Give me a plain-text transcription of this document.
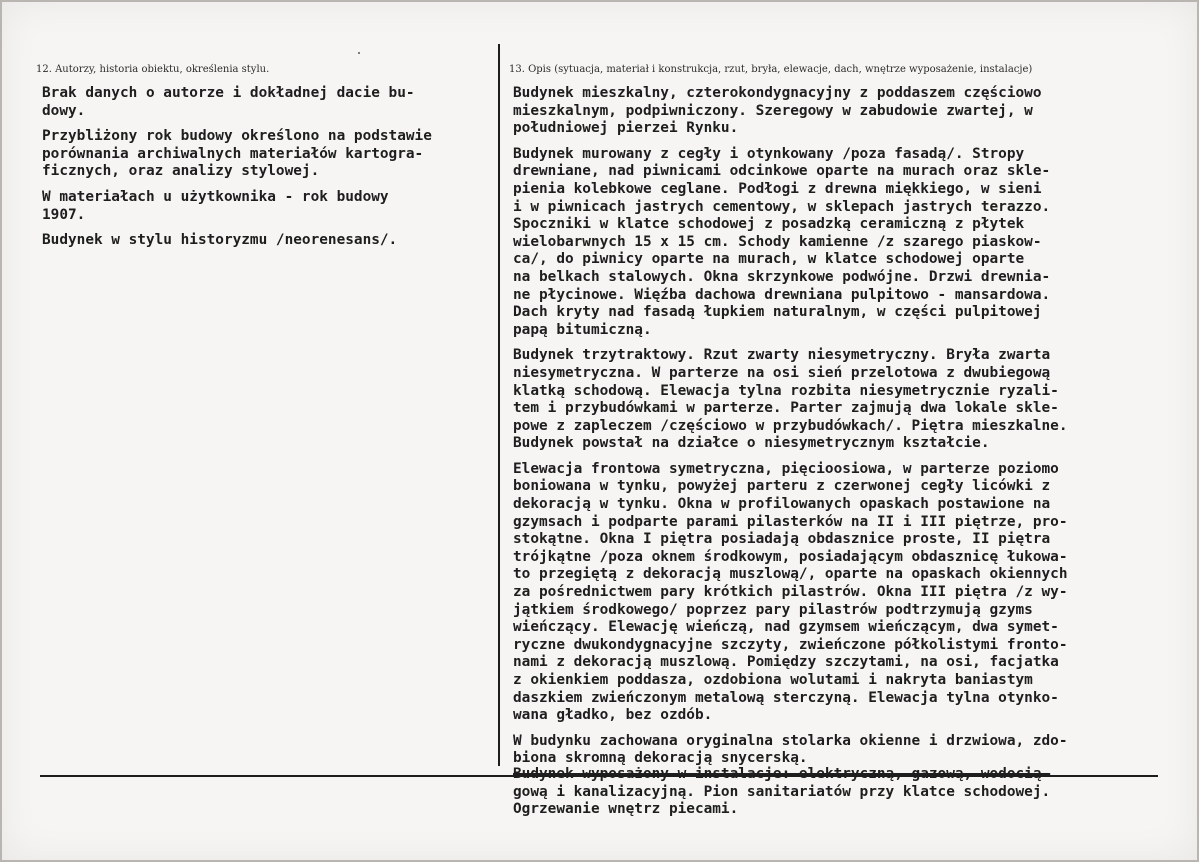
12. Autorzy, historia obiektu, określenia stylu.	13. Opis (sytuacja, materiał i konstrukcja, rzut, bryła, elewacje, dach, wnętrze wyposażenie, instalacje)
Brak danych o autorze i dokładnej dacie bu-
dowy.
Przybliżony rok budowy określono na podstawie
porównania archiwalnych materiałów kartogra-
ficznych, oraz analizy stylowej.
W materiałach u użytkownika - rok budowy
1907.
Budynek w stylu historyzmu /neorenesans/.
Budynek mieszkalny, czterokondygnacyjny z poddaszem częściowo
mieszkalnym, podpiwniczony. Szeregowy w zabudowie zwartej, w
południowej pierzei Rynku.
Budynek murowany z cegły i otynkowany /poza fasadą/. Stropy
drewniane, nad piwnicami odcinkowe oparte na murach oraz skle-
pienia kolebkowe ceglane. Podłogi z drewna miękkiego, w sieni
i w piwnicach jastrych cementowy, w sklepach jastrych terazzo.
Spoczniki w klatce schodowej z posadzką ceramiczną z płytek
wielobarwnych 15 x 15 cm. Schody kamienne /z szarego piaskow-
ca/, do piwnicy oparte na murach, w klatce schodowej oparte
na belkach stalowych. Okna skrzynkowe podwójne. Drzwi drewnia-
ne płycinowe. Więźba dachowa drewniana pulpitowo - mansardowa.
Dach kryty nad fasadą łupkiem naturalnym, w części pulpitowej
papą bitumiczną.
Budynek trzytraktowy. Rzut zwarty niesymetryczny. Bryła zwarta
niesymetryczna. W parterze na osi sień przelotowa z dwubiegową
klatką schodową. Elewacja tylna rozbita niesymetrycznie ryzali-
tem i przybudówkami w parterze. Parter zajmują dwa lokale skle-
powe z zapleczem /częściowo w przybudówkach/. Piętra mieszkalne.
Budynek powstał na działce o niesymetrycznym kształcie.
Elewacja frontowa symetryczna, pięcioosiowa, w parterze poziomo
boniowana w tynku, powyżej parteru z czerwonej cegły licówki z
dekoracją w tynku. Okna w profilowanych opaskach postawione na
gzymsach i podparte parami pilasterków na II i III piętrze, pro-
stokątne. Okna I piętra posiadają obdasznice proste, II piętra
trójkątne /poza oknem środkowym, posiadającym obdasznicę łukowa-
to przegiętą z dekoracją muszlową/, oparte na opaskach okiennych
za pośrednictwem pary krótkich pilastrów. Okna III piętra /z wy-
jątkiem środkowego/ poprzez pary pilastrów podtrzymują gzyms
wieńczący. Elewację wieńczą, nad gzymsem wieńczącym, dwa symet-
ryczne dwukondygnacyjne szczyty, zwieńczone półkolistymi fronto-
nami z dekoracją muszlową. Pomiędzy szczytami, na osi, facjatka
z okienkiem poddasza, ozdobiona wolutami i nakryta baniastym
daszkiem zwieńczonym metalową sterczyną. Elewacja tylna otynko-
wana gładko, bez ozdób.
W budynku zachowana oryginalna stolarka okienne i drzwiowa, zdo-
biona skromną dekoracją snycerską.
Budynek wyposażony w instalacje: elektryczną, gazową, wodocią-
gową i kanalizacyjną. Pion sanitariatów przy klatce schodowej.
Ogrzewanie wnętrz piecami.
